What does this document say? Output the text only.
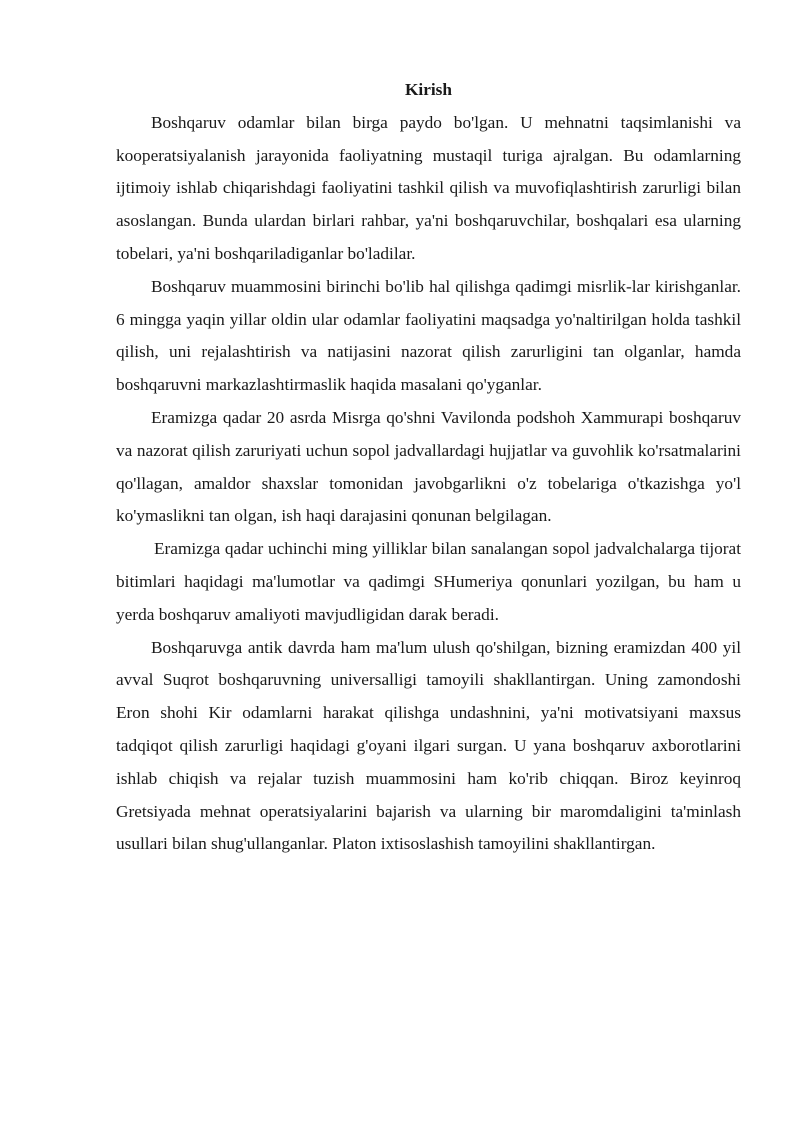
Kirish

Boshqaruv odamlar bilan birga paydo bo'lgan. U mehnatni taqsimlanishi va kooperatsiyalanish jarayonida faoliyatning mustaqil turiga ajralgan. Bu odamlarning ijtimoiy ishlab chiqarishdagi faoliyatini tashkil qilish va muvofiqlashtirish zarurligi bilan asoslangan. Bunda ulardan birlari rahbar, ya'ni boshqaruvchilar, boshqalari esa ularning tobelari, ya'ni boshqariladiganlar bo'ladilar.

Boshqaruv muammosini birinchi bo'lib hal qilishga qadimgi misrlik-lar kirishganlar. 6 mingga yaqin yillar oldin ular odamlar faoliyatini maqsadga yo'naltirilgan holda tashkil qilish, uni rejalashtirish va natijasini nazorat qilish zarurligini tan olganlar, hamda boshqaruvni markazlashtirmaslik haqida masalani qo'yganlar.

Eramizga qadar 20 asrda Misrga qo'shni Vavilonda podshoh Xammurapi boshqaruv va nazorat qilish zaruriyati uchun sopol jadvallardagi hujjatlar va guvohlik ko'rsatmalarini qo'llagan, amaldor shaxslar tomonidan javobgarlikni o'z tobelariga o'tkazishga yo'l ko'ymaslikni tan olgan, ish haqi darajasini qonunan belgilagan.

Eramizga qadar uchinchi ming yilliklar bilan sanalangan sopol jadvalchalarga tijorat bitimlari haqidagi ma'lumotlar va qadimgi SHumeriya qonunlari yozilgan, bu ham u yerda boshqaruv amaliyoti mavjudligidan darak beradi.

Boshqaruvga antik davrda ham ma'lum ulush qo'shilgan, bizning eramizdan 400 yil avval Suqrot boshqaruvning universalligi tamoyili shakllantirgan. Uning zamondoshi Eron shohi Kir odamlarni harakat qilishga undashnini, ya'ni motivatsiyani maxsus tadqiqot qilish zarurligi haqidagi g'oyani ilgari surgan. U yana boshqaruv axborotlarini ishlab chiqish va rejalar tuzish muammosini ham ko'rib chiqqan. Biroz keyinroq Gretsiyada mehnat operatsiyalarini bajarish va ularning bir maromdaligini ta'minlash usullari bilan shug'ullanganlar. Platon ixtisoslashish tamoyilini shakllantirgan.
